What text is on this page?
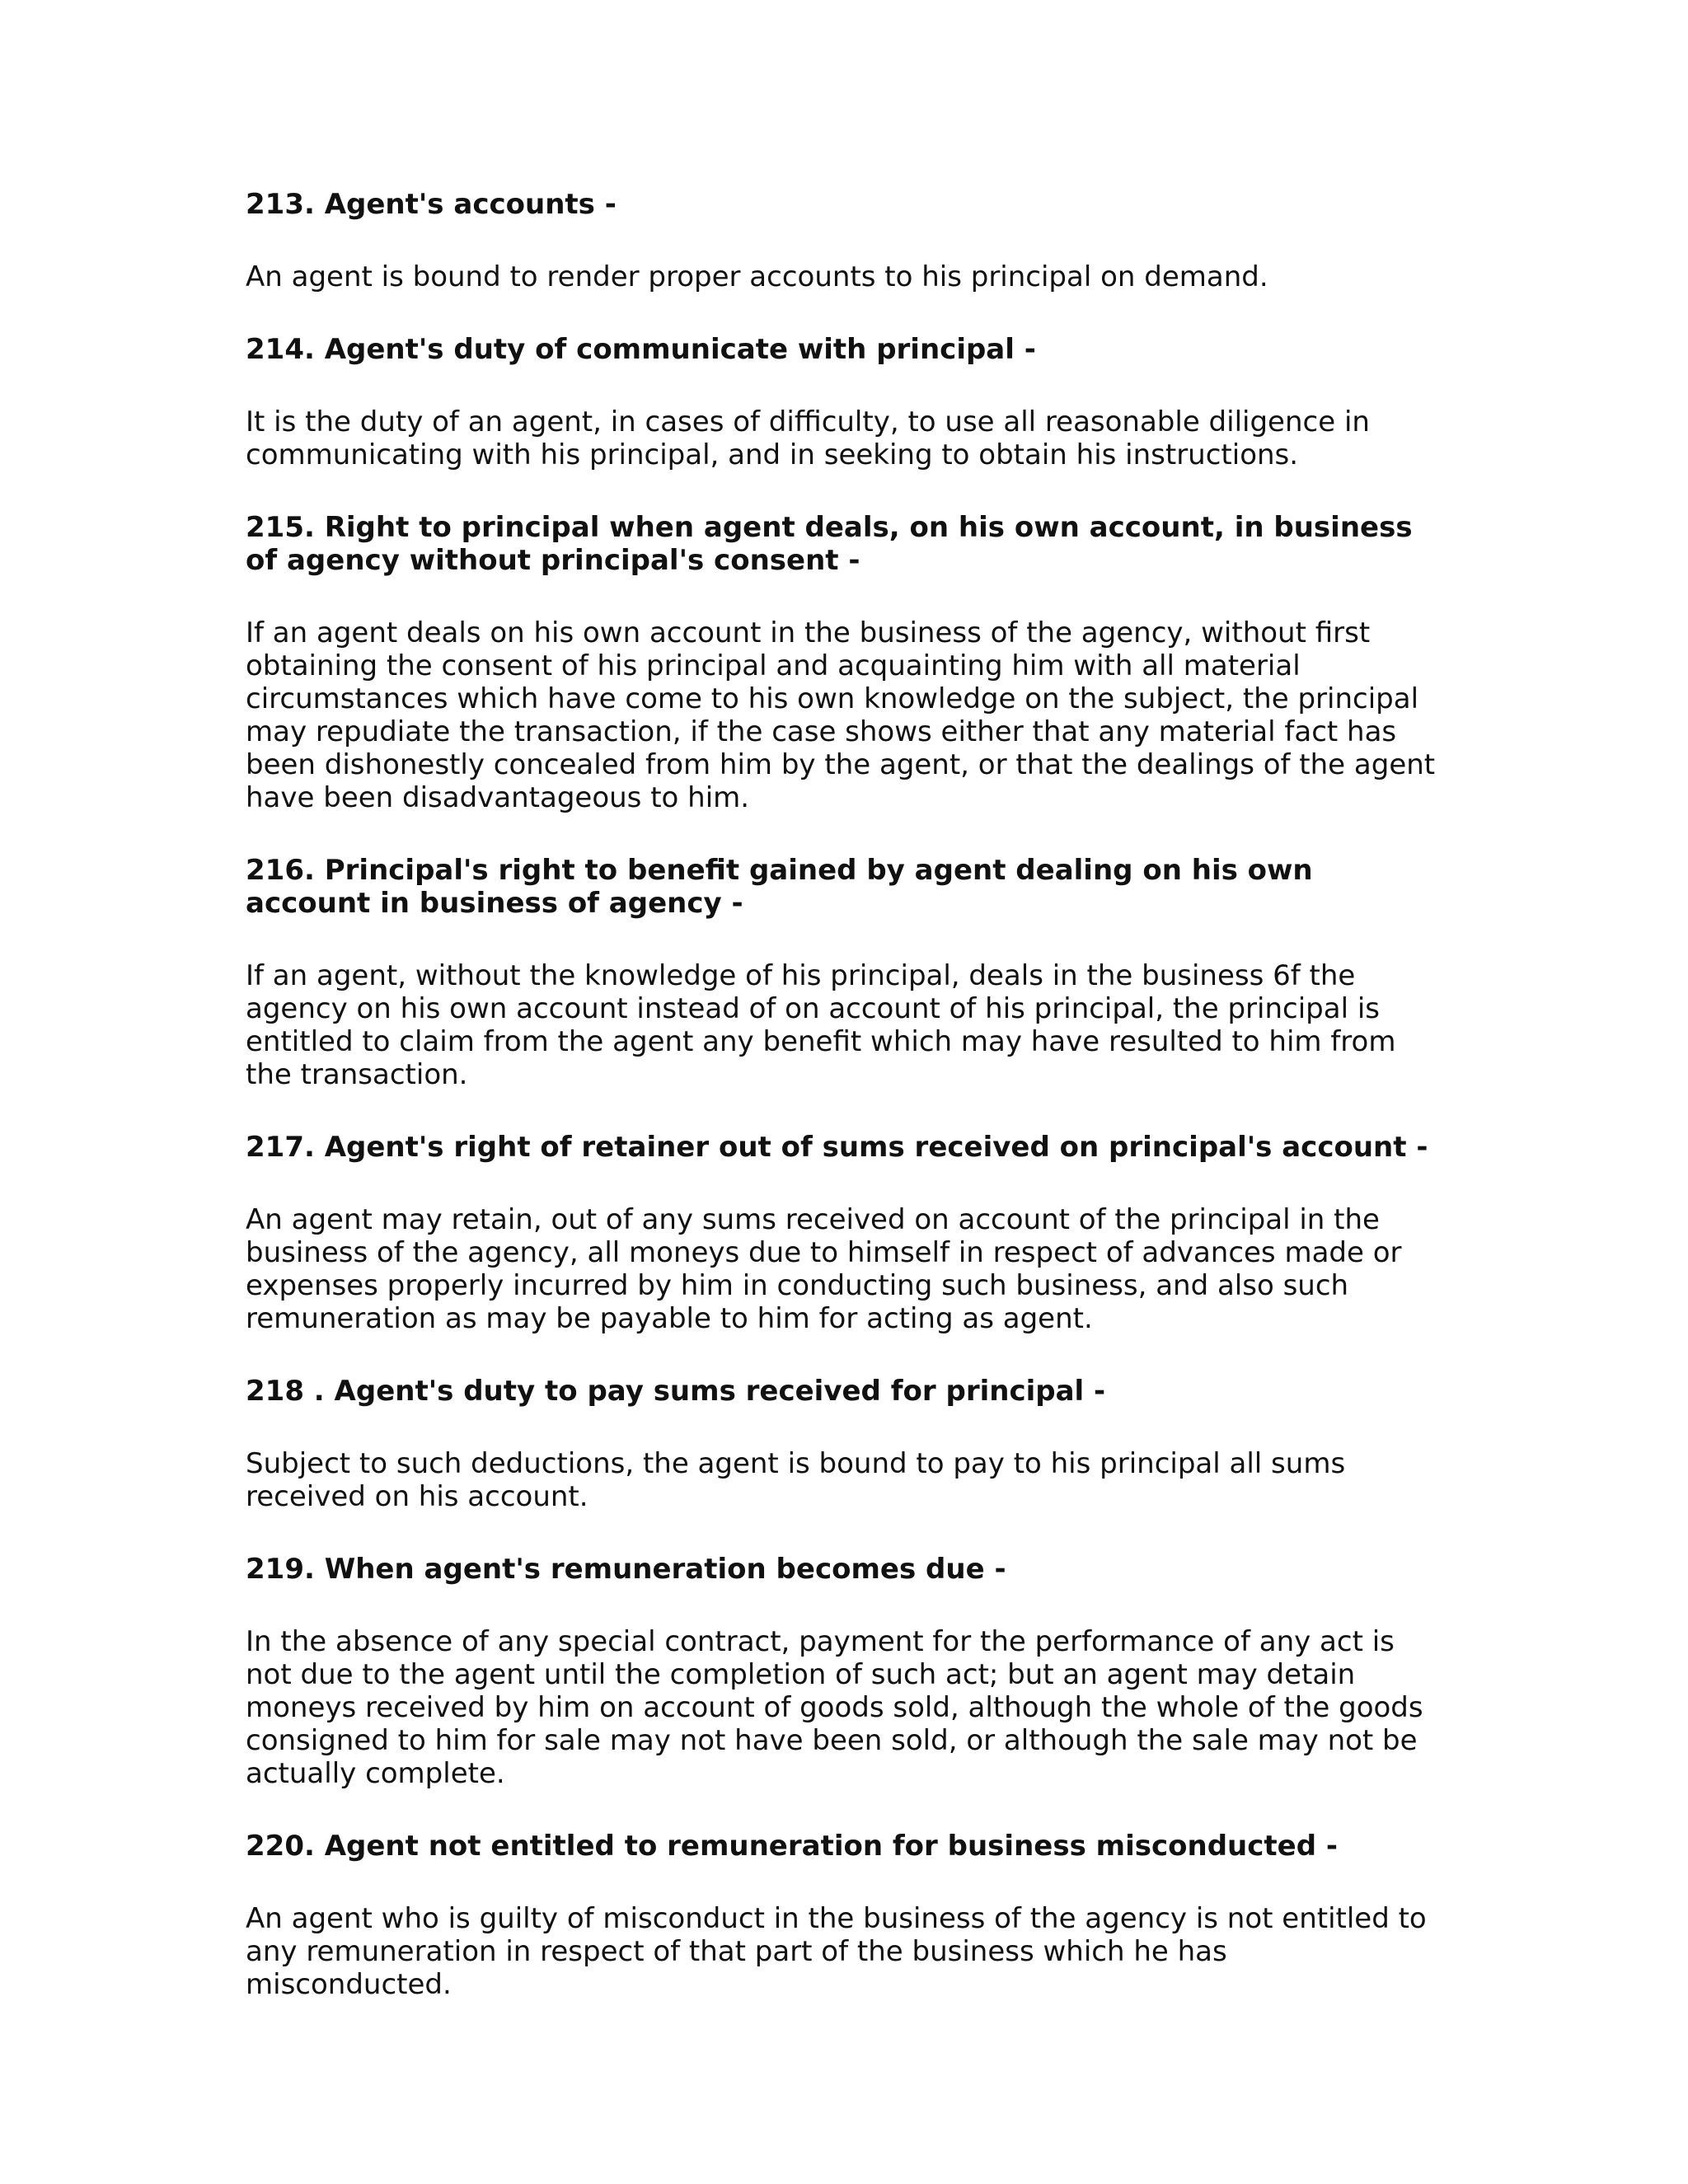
213. Agent's accounts -
An agent is bound to render proper accounts to his principal on demand.
214. Agent's duty of communicate with principal -
It is the duty of an agent, in cases of difficulty, to use all reasonable diligence in communicating with his principal, and in seeking to obtain his instructions.
215. Right to principal when agent deals, on his own account, in business of agency without principal's consent -
If an agent deals on his own account in the business of the agency, without first obtaining the consent of his principal and acquainting him with all material circumstances which have come to his own knowledge on the subject, the principal may repudiate the transaction, if the case shows either that any material fact has been dishonestly concealed from him by the agent, or that the dealings of the agent have been disadvantageous to him.
216. Principal's right to benefit gained by agent dealing on his own account in business of agency -
If an agent, without the knowledge of his principal, deals in the business 6f the agency on his own account instead of on account of his principal, the principal is entitled to claim from the agent any benefit which may have resulted to him from the transaction.
217. Agent's right of retainer out of sums received on principal's account -
An agent may retain, out of any sums received on account of the principal in the business of the agency, all moneys due to himself in respect of advances made or expenses properly incurred by him in conducting such business, and also such remuneration as may be payable to him for acting as agent.
218 . Agent's duty to pay sums received for principal -
Subject to such deductions, the agent is bound to pay to his principal all sums received on his account.
219. When agent's remuneration becomes due -
In the absence of any special contract, payment for the performance of any act is not due to the agent until the completion of such act; but an agent may detain moneys received by him on account of goods sold, although the whole of the goods consigned to him for sale may not have been sold, or although the sale may not be actually complete.
220. Agent not entitled to remuneration for business misconducted -
An agent who is guilty of misconduct in the business of the agency is not entitled to any remuneration in respect of that part of the business which he has misconducted.
